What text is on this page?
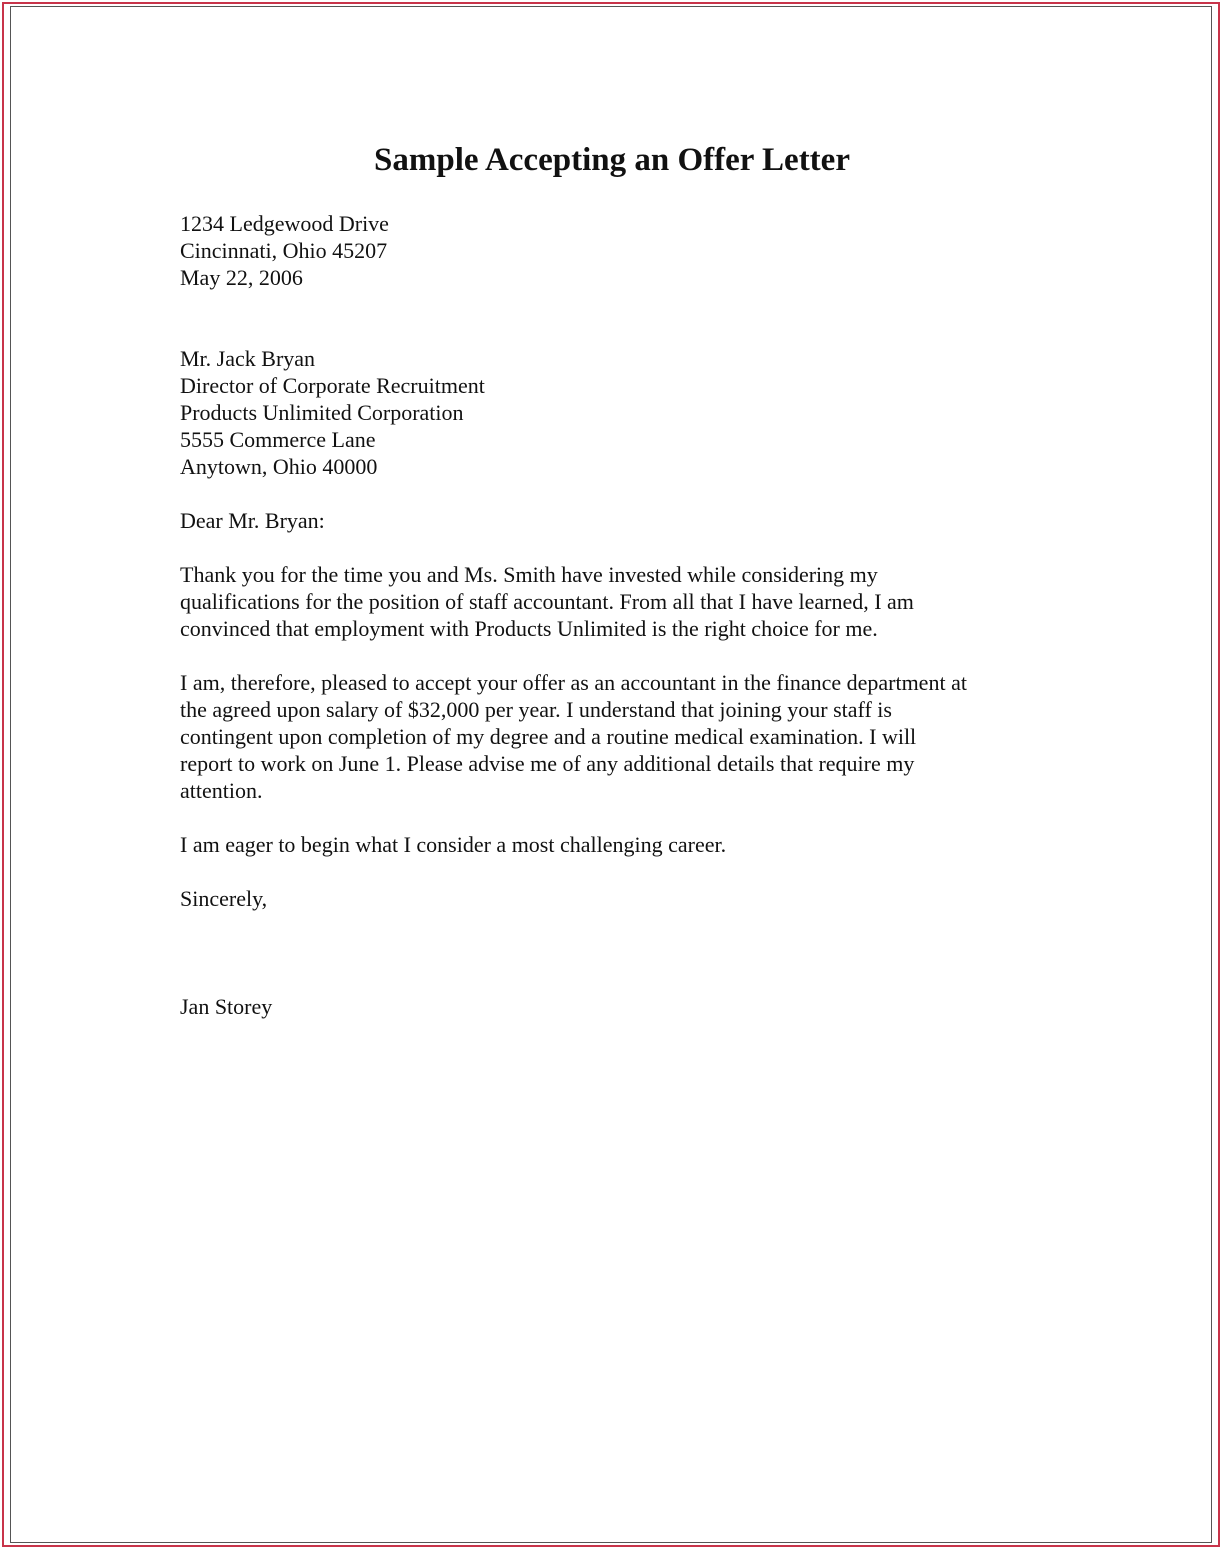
Sample Accepting an Offer Letter
1234 Ledgewood Drive
Cincinnati, Ohio 45207
May 22, 2006
Mr. Jack Bryan
Director of Corporate Recruitment
Products Unlimited Corporation
5555 Commerce Lane
Anytown, Ohio 40000
Dear Mr. Bryan:
Thank you for the time you and Ms. Smith have invested while considering my
qualifications for the position of staff accountant. From all that I have learned, I am
convinced that employment with Products Unlimited is the right choice for me.
I am, therefore, pleased to accept your offer as an accountant in the finance department at
the agreed upon salary of $32,000 per year. I understand that joining your staff is
contingent upon completion of my degree and a routine medical examination. I will
report to work on June 1. Please advise me of any additional details that require my
attention.
I am eager to begin what I consider a most challenging career.
Sincerely,
Jan Storey
